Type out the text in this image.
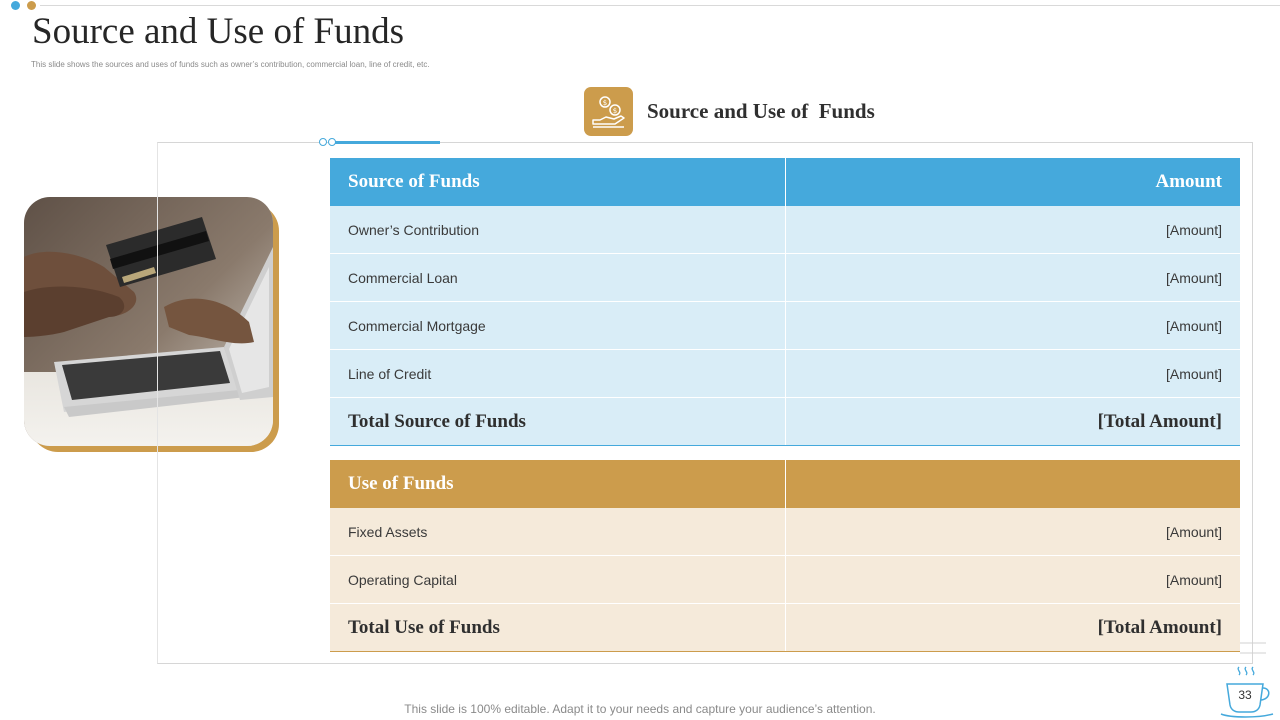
Source and Use of Funds
This slide shows the sources and uses of funds such as owner’s contribution, commercial loan, line of credit, etc.
$
$ Source and Use of  Funds
Source of Funds	Amount
Owner’s Contribution	[Amount]
Commercial Loan	[Amount]
Commercial Mortgage	[Amount]
Line of Credit	[Amount]
Total Source of Funds	[Total Amount]
Use of Funds	
Fixed Assets	[Amount]
Operating Capital	[Amount]
Total Use of Funds	[Total Amount]
This slide is 100% editable. Adapt it to your needs and capture your audience’s attention.
33
